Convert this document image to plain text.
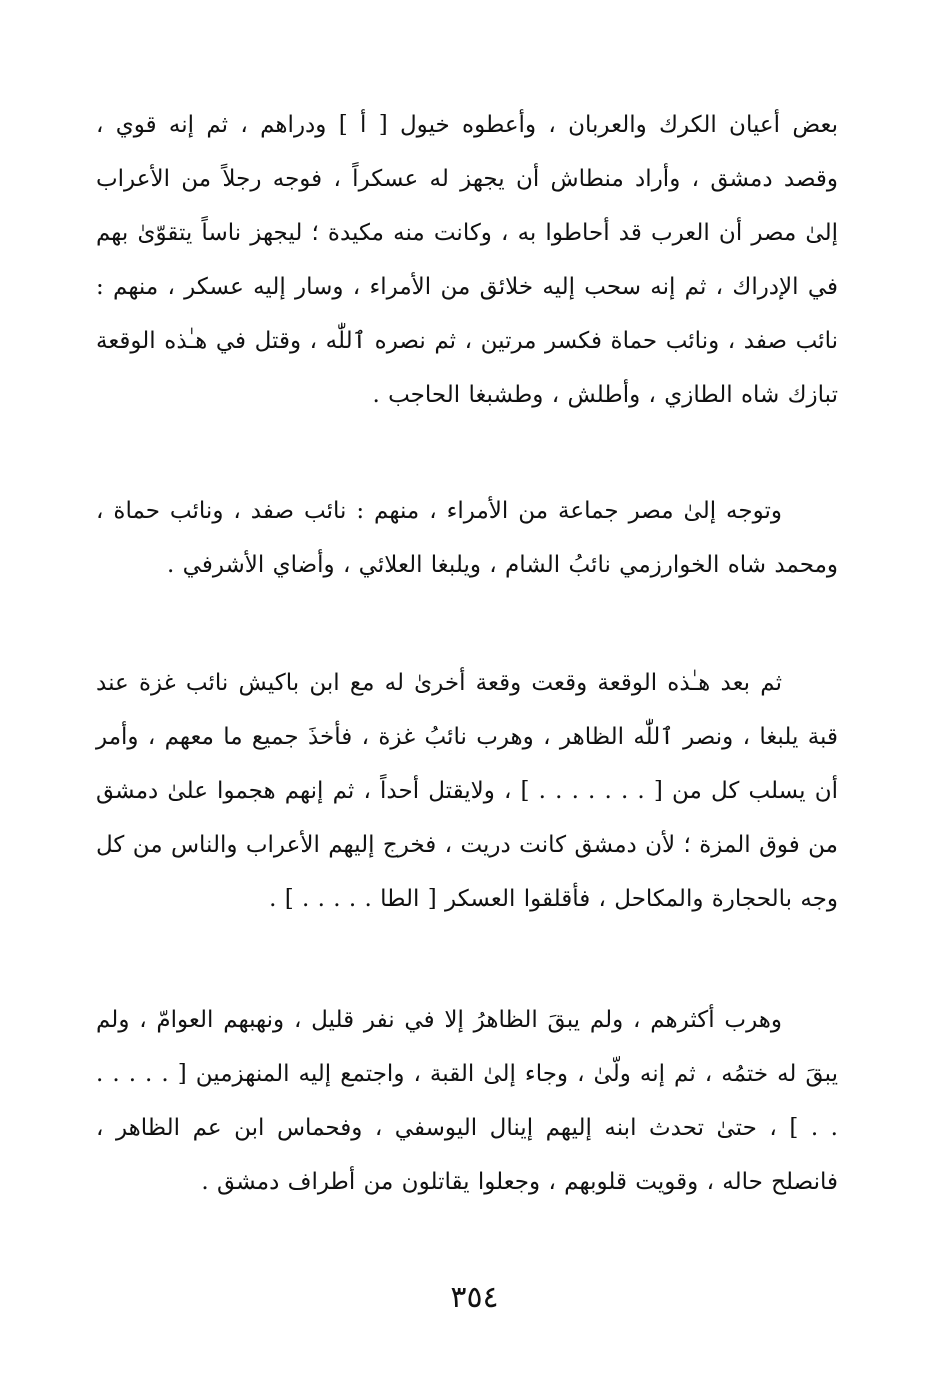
بعض أعيان الكرك والعربان ، وأعطوه خيول [ أ ] ودراهم ، ثم إنه قوي ، وقصد دمشق ، وأراد منطاش أن يجهز له عسكراً ، فوجه رجلاً من الأعراب إلىٰ مصر أن العرب قد أحاطوا به ، وكانت منه مكيدة ؛ ليجهز ناساً يتقوّىٰ بهم في الإدراك ، ثم إنه سحب إليه خلائق من الأمراء ، وسار إليه عسكر ، منهم : نائب صفد ، ونائب حماة فكسر مرتين ، ثم نصره ٱللّٰه ، وقتل في هـٰذه الوقعة تبازك شاه الطازي ، وأطلش ، وطشبغا الحاجب .

وتوجه إلىٰ مصر جماعة من الأمراء ، منهم : نائب صفد ، ونائب حماة ، ومحمد شاه الخوارزمي نائبُ الشام ، ويلبغا العلائي ، وأضاي الأشرفي .

ثم بعد هـٰذه الوقعة وقعت وقعة أخرىٰ له مع ابن باكيش نائب غزة عند قبة يلبغا ، ونصر ٱللّٰه الظاهر ، وهرب نائبُ غزة ، فأخذَ جميع ما معهم ، وأمر أن يسلب كل من [ . . . . . . . ] ، ولايقتل أحداً ، ثم إنهم هجموا علىٰ دمشق من فوق المزة ؛ لأن دمشق كانت دريت ، فخرج إليهم الأعراب والناس من كل وجه بالحجارة والمكاحل ، فأقلقوا العسكر [ الطا . . . . . ] .

وهرب أكثرهم ، ولم يبقَ الظاهرُ إلا في نفر قليل ، ونهبهم العوامّ ، ولم يبقَ له ختمُه ، ثم إنه ولّىٰ ، وجاء إلىٰ القبة ، واجتمع إليه المنهزمين [ . . . . . . . ] ، حتىٰ تحدث ابنه إليهم إينال اليوسفي ، وفحماس ابن عم الظاهر ، فانصلح حاله ، وقويت قلوبهم ، وجعلوا يقاتلون من أطراف دمشق .

٣٥٤
